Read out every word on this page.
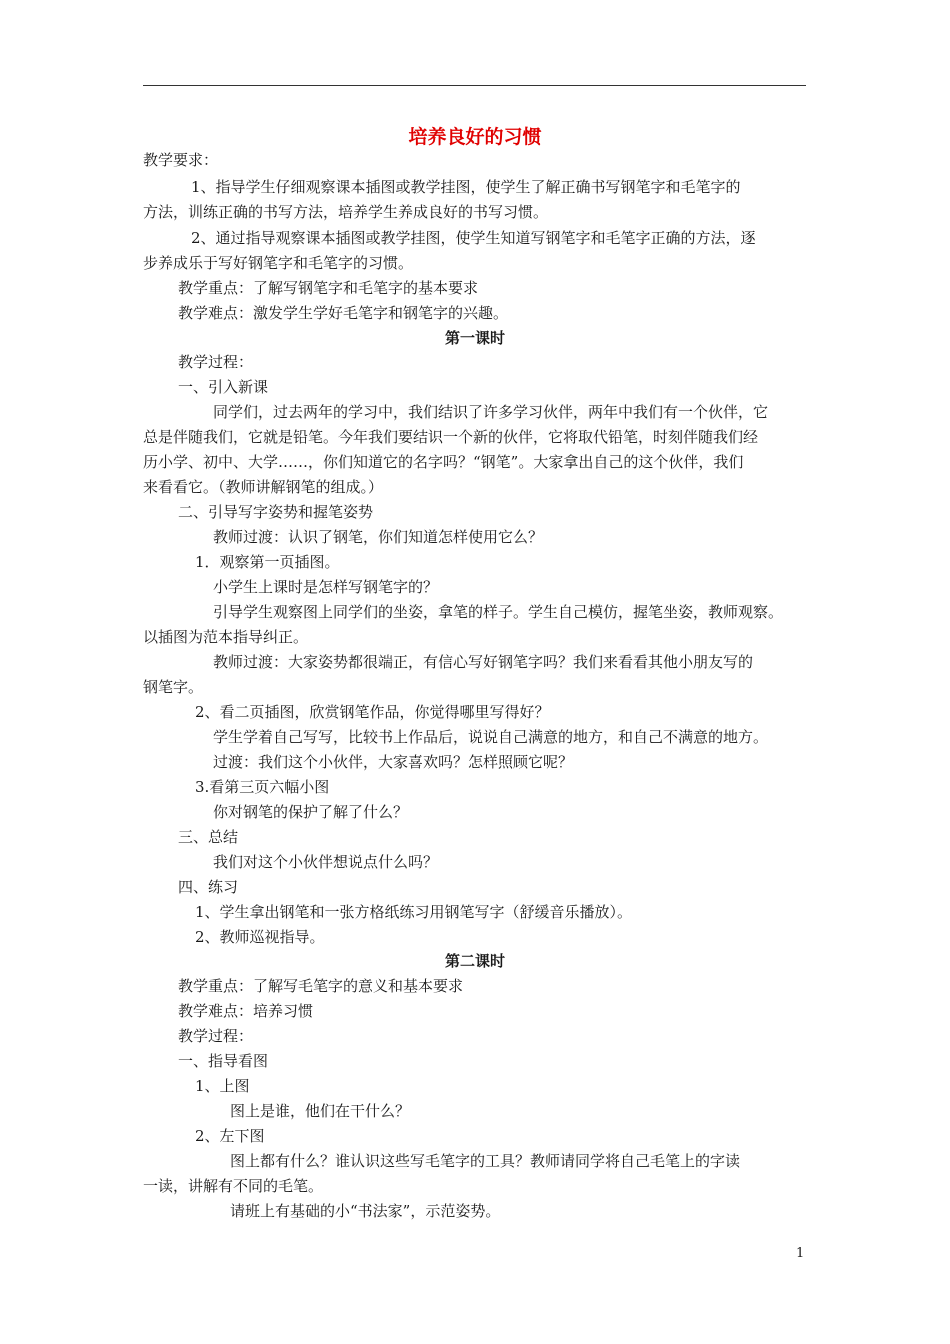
培养良好的习惯
教学要求：
1、指导学生仔细观察课本插图或教学挂图，使学生了解正确书写钢笔字和毛笔字的
方法，训练正确的书写方法，培养学生养成良好的书写习惯。
2、通过指导观察课本插图或教学挂图，使学生知道写钢笔字和毛笔字正确的方法，逐
步养成乐于写好钢笔字和毛笔字的习惯。
教学重点：了解写钢笔字和毛笔字的基本要求
教学难点：激发学生学好毛笔字和钢笔字的兴趣。
教学过程：
一、引入新课
同学们，过去两年的学习中，我们结识了许多学习伙伴，两年中我们有一个伙伴，它
总是伴随我们，它就是铅笔。今年我们要结识一个新的伙伴，它将取代铅笔，时刻伴随我们经
历小学、初中、大学……，你们知道它的名字吗？“钢笔”。大家拿出自己的这个伙伴，我们
来看看它。（教师讲解钢笔的组成。）
二、引导写字姿势和握笔姿势
教师过渡：认识了钢笔，你们知道怎样使用它么？
1．观察第一页插图。
小学生上课时是怎样写钢笔字的？
引导学生观察图上同学们的坐姿，拿笔的样子。学生自己模仿，握笔坐姿，教师观察。
以插图为范本指导纠正。
教师过渡：大家姿势都很端正，有信心写好钢笔字吗？我们来看看其他小朋友写的
钢笔字。
2、看二页插图，欣赏钢笔作品，你觉得哪里写得好？
学生学着自己写写，比较书上作品后，说说自己满意的地方，和自己不满意的地方。
过渡：我们这个小伙伴，大家喜欢吗？怎样照顾它呢？
3.看第三页六幅小图
你对钢笔的保护了解了什么？
三、总结
我们对这个小伙伴想说点什么吗？
四、练习
1、学生拿出钢笔和一张方格纸练习用钢笔写字（舒缓音乐播放）。
2、教师巡视指导。
教学重点：了解写毛笔字的意义和基本要求
教学难点：培养习惯
教学过程：
一、指导看图
1、上图
图上是谁，他们在干什么？
2、左下图
图上都有什么？谁认识这些写毛笔字的工具？教师请同学将自己毛笔上的字读
一读，讲解有不同的毛笔。
请班上有基础的小“书法家”，示范姿势。
第一课时
第二课时
1
